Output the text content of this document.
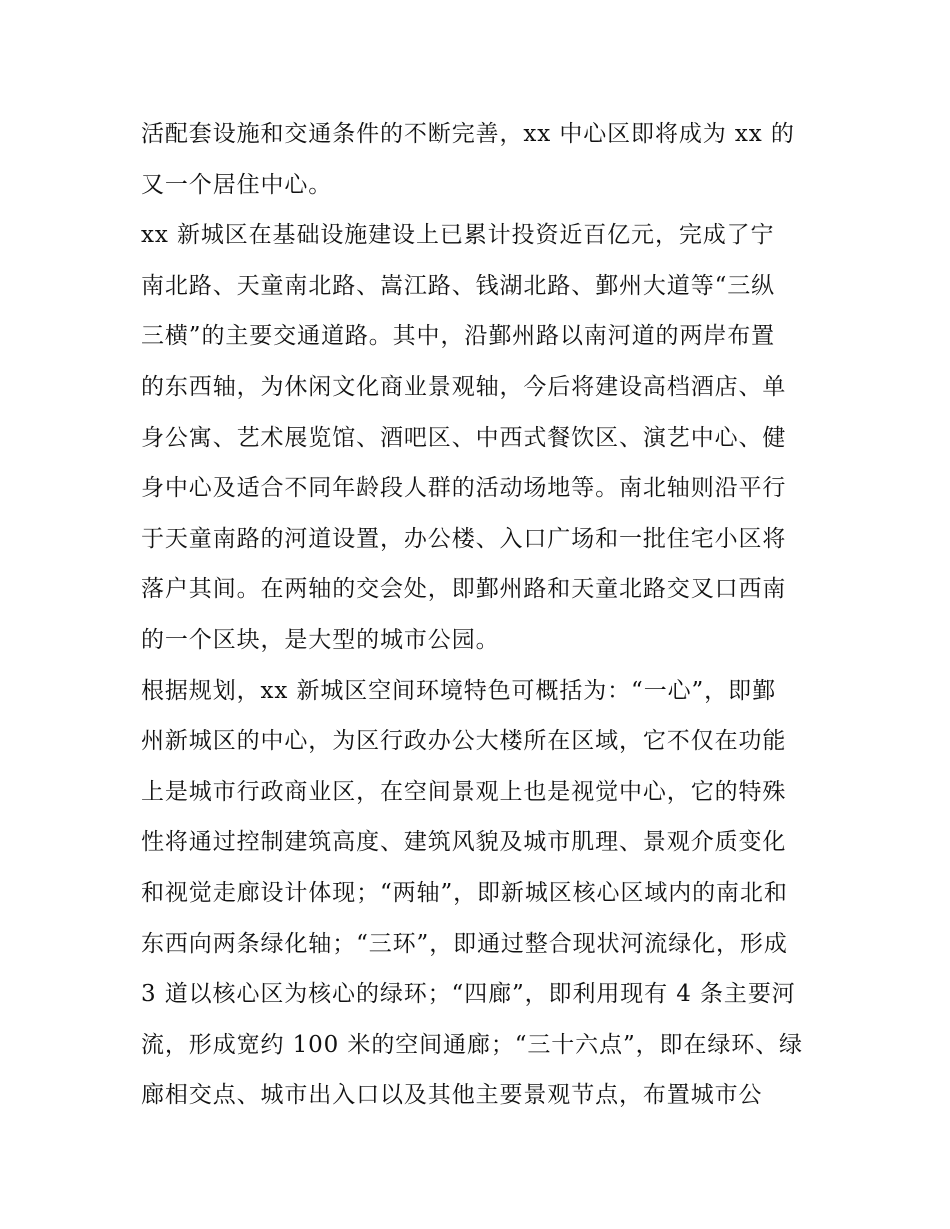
活配套设施和交通条件的不断完善，xx 中心区即将成为 xx 的
又一个居住中心。
xx 新城区在基础设施建设上已累计投资近百亿元，完成了宁
南北路、天童南北路、嵩江路、钱湖北路、鄞州大道等“三纵
三横”的主要交通道路。其中，沿鄞州路以南河道的两岸布置
的东西轴，为休闲文化商业景观轴，今后将建设高档酒店、单
身公寓、艺术展览馆、酒吧区、中西式餐饮区、演艺中心、健
身中心及适合不同年龄段人群的活动场地等。南北轴则沿平行
于天童南路的河道设置，办公楼、入口广场和一批住宅小区将
落户其间。在两轴的交会处，即鄞州路和天童北路交叉口西南
的一个区块，是大型的城市公园。
根据规划，xx 新城区空间环境特色可概括为：“一心”，即鄞
州新城区的中心，为区行政办公大楼所在区域，它不仅在功能
上是城市行政商业区，在空间景观上也是视觉中心，它的特殊
性将通过控制建筑高度、建筑风貌及城市肌理、景观介质变化
和视觉走廊设计体现；“两轴”，即新城区核心区域内的南北和
东西向两条绿化轴；“三环”，即通过整合现状河流绿化，形成
3 道以核心区为核心的绿环；“四廊”，即利用现有 4 条主要河
流，形成宽约 100 米的空间通廊；“三十六点”，即在绿环、绿
廊相交点、城市出入口以及其他主要景观节点，布置城市公
